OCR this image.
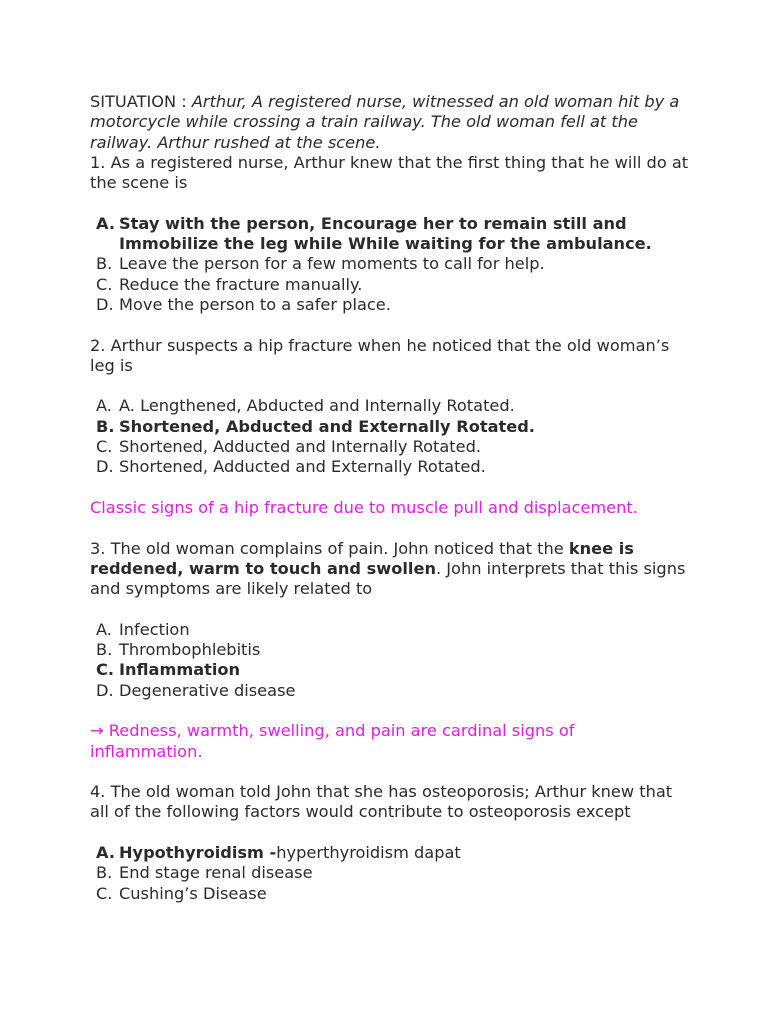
SITUATION : Arthur, A registered nurse, witnessed an old woman hit by a motorcycle while crossing a train railway. The old woman fell at the railway. Arthur rushed at the scene.

1. As a registered nurse, Arthur knew that the first thing that he will do at the scene is

A. Stay with the person, Encourage her to remain still and Immobilize the leg while While waiting for the ambulance.
B. Leave the person for a few moments to call for help.
C. Reduce the fracture manually.
D. Move the person to a safer place.

2. Arthur suspects a hip fracture when he noticed that the old woman’s leg is

A. A. Lengthened, Abducted and Internally Rotated.
B. Shortened, Abducted and Externally Rotated.
C. Shortened, Adducted and Internally Rotated.
D. Shortened, Adducted and Externally Rotated.

Classic signs of a hip fracture due to muscle pull and displacement.

3. The old woman complains of pain. John noticed that the knee is reddened, warm to touch and swollen. John interprets that this signs and symptoms are likely related to

A. Infection
B. Thrombophlebitis
C. Inflammation
D. Degenerative disease

→ Redness, warmth, swelling, and pain are cardinal signs of inflammation.

4. The old woman told John that she has osteoporosis; Arthur knew that all of the following factors would contribute to osteoporosis except

A. Hypothyroidism -hyperthyroidism dapat
B. End stage renal disease
C. Cushing’s Disease
